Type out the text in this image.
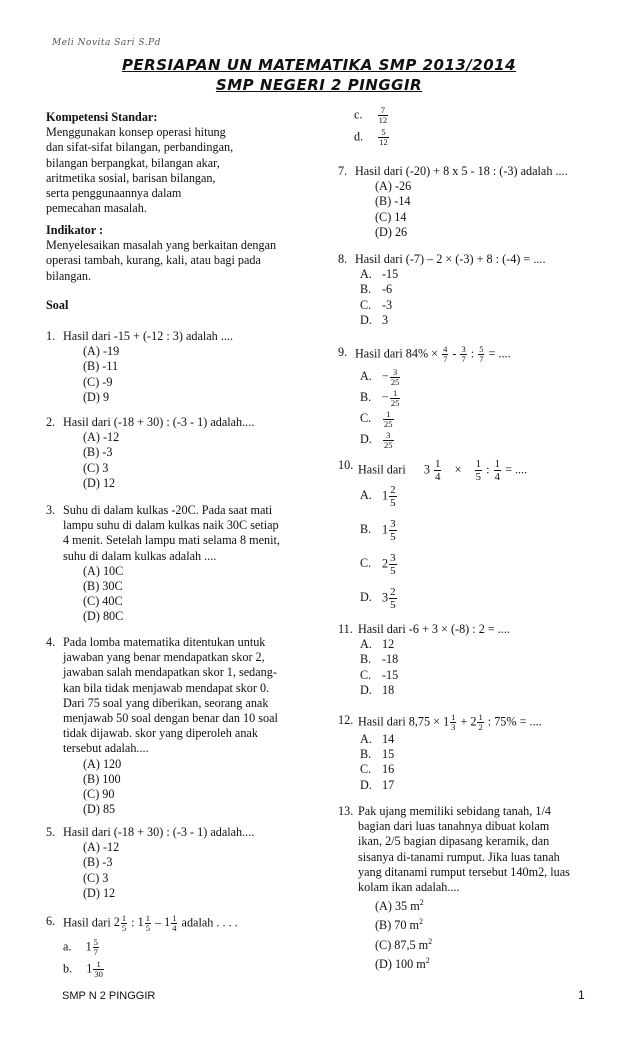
Meli Novita Sari S.Pd
PERSIAPAN UN MATEMATIKA SMP 2013/2014
SMP NEGERI 2 PINGGIR
Kompetensi Standar:
Menggunakan konsep operasi hitung
dan sifat-sifat bilangan, perbandingan,
bilangan berpangkat, bilangan akar,
aritmetika sosial, barisan bilangan,
serta penggunaannya dalam
pemecahan masalah.
Indikator :
Menyelesaikan masalah yang berkaitan dengan
operasi tambah, kurang, kali, atau bagi pada
bilangan.
Soal
1. Hasil dari -15 + (-12 : 3) adalah ....
(A) -19
(B) -11
(C) -9
(D) 9
2. Hasil dari (-18 + 30) : (-3 - 1) adalah....
(A) -12
(B) -3
(C) 3
(D) 12
3. Suhu di dalam kulkas -20C. Pada saat mati
lampu suhu di dalam kulkas naik 30C setiap
4 menit. Setelah lampu mati selama 8 menit,
suhu di dalam kulkas adalah ....
(A) 10C
(B) 30C
(C) 40C
(D) 80C
4. Pada lomba matematika ditentukan untuk
jawaban yang benar mendapatkan skor 2,
jawaban salah mendapatkan skor 1, sedang-
kan bila tidak menjawab mendapat skor 0.
Dari 75 soal yang diberikan, seorang anak
menjawab 50 soal dengan benar dan 10 soal
tidak dijawab. skor yang diperoleh anak
tersebut adalah....
(A) 120
(B) 100
(C) 90
(D) 85
5. Hasil dari (-18 + 30) : (-3 - 1) adalah....
(A) -12
(B) -3
(C) 3
(D) 12
6. Hasil dari $2 \frac{1}{5}$ : $1 \frac{1}{5} - 1 \frac{1}{4}$ adalah . . . .
a. $1 \frac{5}{7}$
b. $1 \frac{1}{30}$
c. $\frac{7}{12}$
d. $\frac{5}{12}$
7. Hasil dari (-20) + 8 x 5 - 18 : (-3) adalah ....
(A) -26
(B) -14
(C) 14
(D) 26
8. Hasil dari (-7) – 2 × (-3) + 8 : (-4) = ....
A. -15
B. -6
C. -3
D. 3
9. Hasil dari $84\% \times \frac{4}{7} - \frac{3}{7}$ : $\frac{5}{7}$ = ....
A. − $\frac{3}{25}$
B. − $\frac{1}{25}$
C. $\frac{1}{25}$
D. $\frac{3}{25}$
10. Hasil dari $3 \frac{1}{4} \times \frac{1}{5}$ : $\frac{1}{4}$ = ....
A. $1 \frac{2}{5}$
B. $1 \frac{3}{5}$
C. $2 \frac{3}{5}$
D. $3 \frac{2}{5}$
11. Hasil dari -6 + 3 × (-8) : 2 = ....
A. 12
B. -18
C. -15
D. 18
12. Hasil dari $8,75 \times 1 \frac{1}{3} + 2 \frac{1}{2}$ : 75% = ....
A. 14
B. 15
C. 16
D. 17
13. Pak ujang memiliki sebidang tanah, 1/4
bagian dari luas tanahnya dibuat kolam
ikan, 2/5 bagian dipasang keramik, dan
sisanya di-tanami rumput. Jika luas tanah
yang ditanami rumput tersebut 140m2, luas
kolam ikan adalah....
(A) 35 $m^2$
(B) 70 $m^2$
(C) 87,5 $m^2$
(D) 100 $m^2$
SMP N 2 PINGGIR	1
